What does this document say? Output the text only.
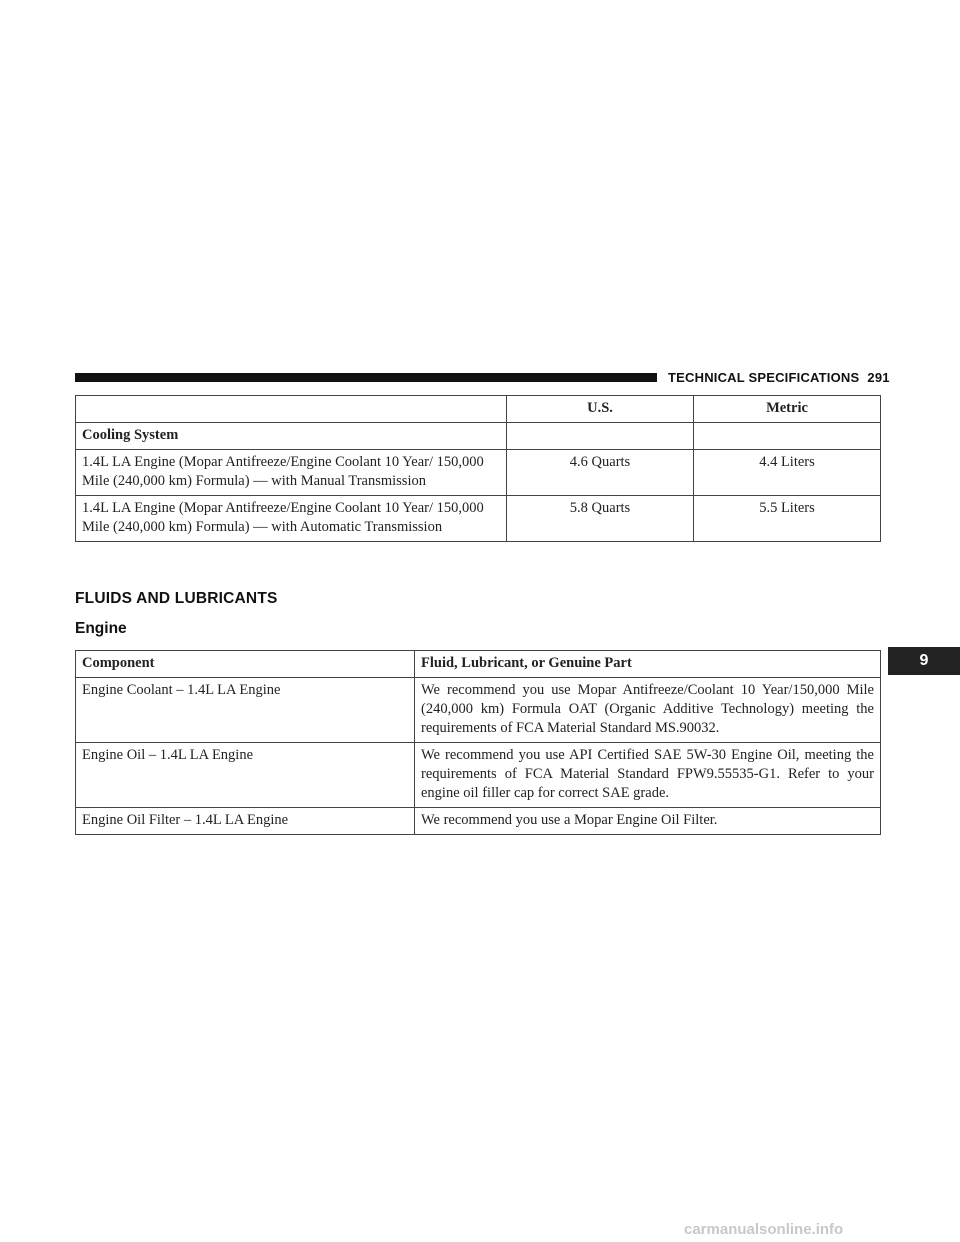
TECHNICAL SPECIFICATIONS 291
	U.S.	Metric
Cooling System		
1.4L LA Engine (Mopar Antifreeze/Engine Coolant 10 Year/ 150,000 Mile (240,000 km) Formula) — with Manual Transmission	4.6 Quarts	4.4 Liters
1.4L LA Engine (Mopar Antifreeze/Engine Coolant 10 Year/ 150,000 Mile (240,000 km) Formula) — with Automatic Transmission	5.8 Quarts	5.5 Liters
FLUIDS AND LUBRICANTS
Engine
Component	Fluid, Lubricant, or Genuine Part
Engine Coolant – 1.4L LA Engine	We recommend you use Mopar Antifreeze/Coolant 10 Year/150,000 Mile (240,000 km) Formula OAT (Organic Additive Technology) meeting the requirements of FCA Material Standard MS.90032.
Engine Oil – 1.4L LA Engine	We recommend you use API Certified SAE 5W-30 Engine Oil, meeting the requirements of FCA Material Standard FPW9.55535-G1. Refer to your engine oil filler cap for correct SAE grade.
Engine Oil Filter – 1.4L LA Engine	We recommend you use a Mopar Engine Oil Filter.
9
carmanualsonline.info
